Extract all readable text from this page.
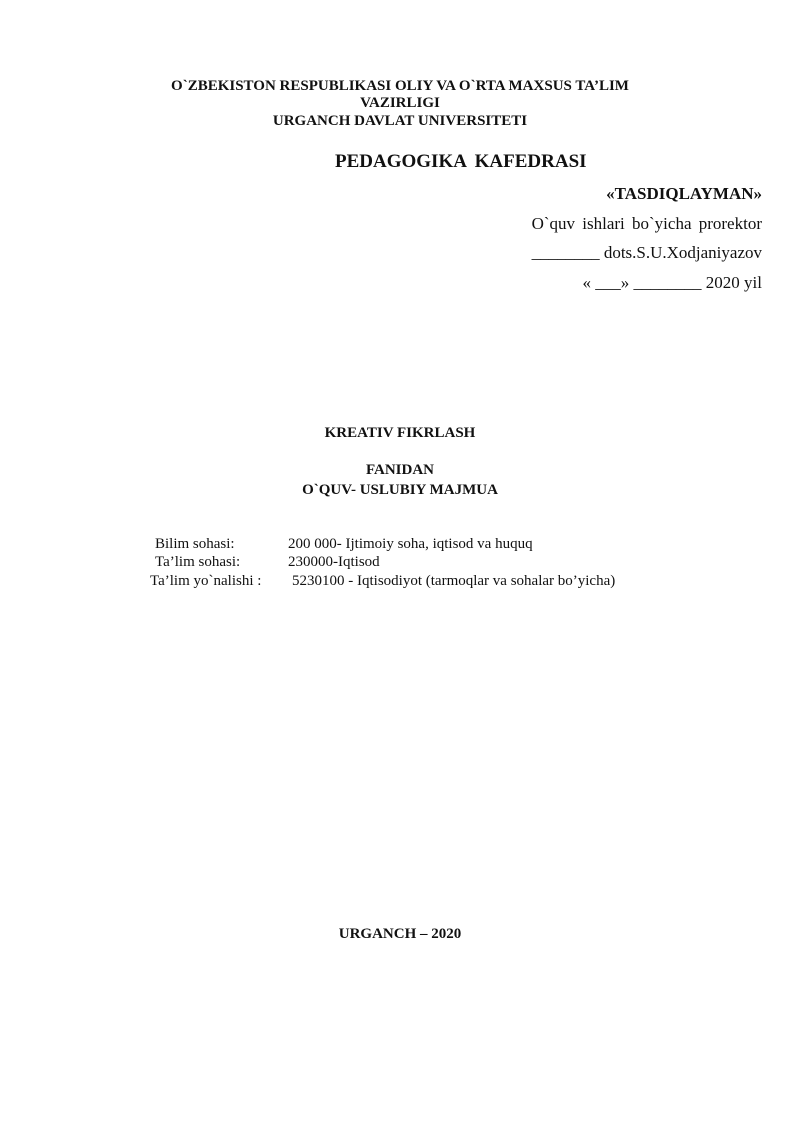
O`ZBEKISTON RESPUBLIKASI OLIY VA O`RTA MAXSUS TA’LIM
VAZIRLIGI
URGANCH DAVLAT UNIVERSITETI
PEDAGOGIKA KAFEDRASI
«TASDIQLAYMAN»
O`quv ishlari bo`yicha prorektor
________ dots.S.U.Xodjaniyazov
« ___» ________ 2020 yil
KREATIV FIKRLASH
FANIDAN
O`QUV- USLUBIY MAJMUA
Bilim sohasi:	200 000- Ijtimoiy soha, iqtisod va huquq
Ta’lim sohasi:	230000-Iqtisod
Ta’lim yo`nalishi : 5230100 - Iqtisodiyot (tarmoqlar va sohalar bo’yicha)
URGANCH – 2020
